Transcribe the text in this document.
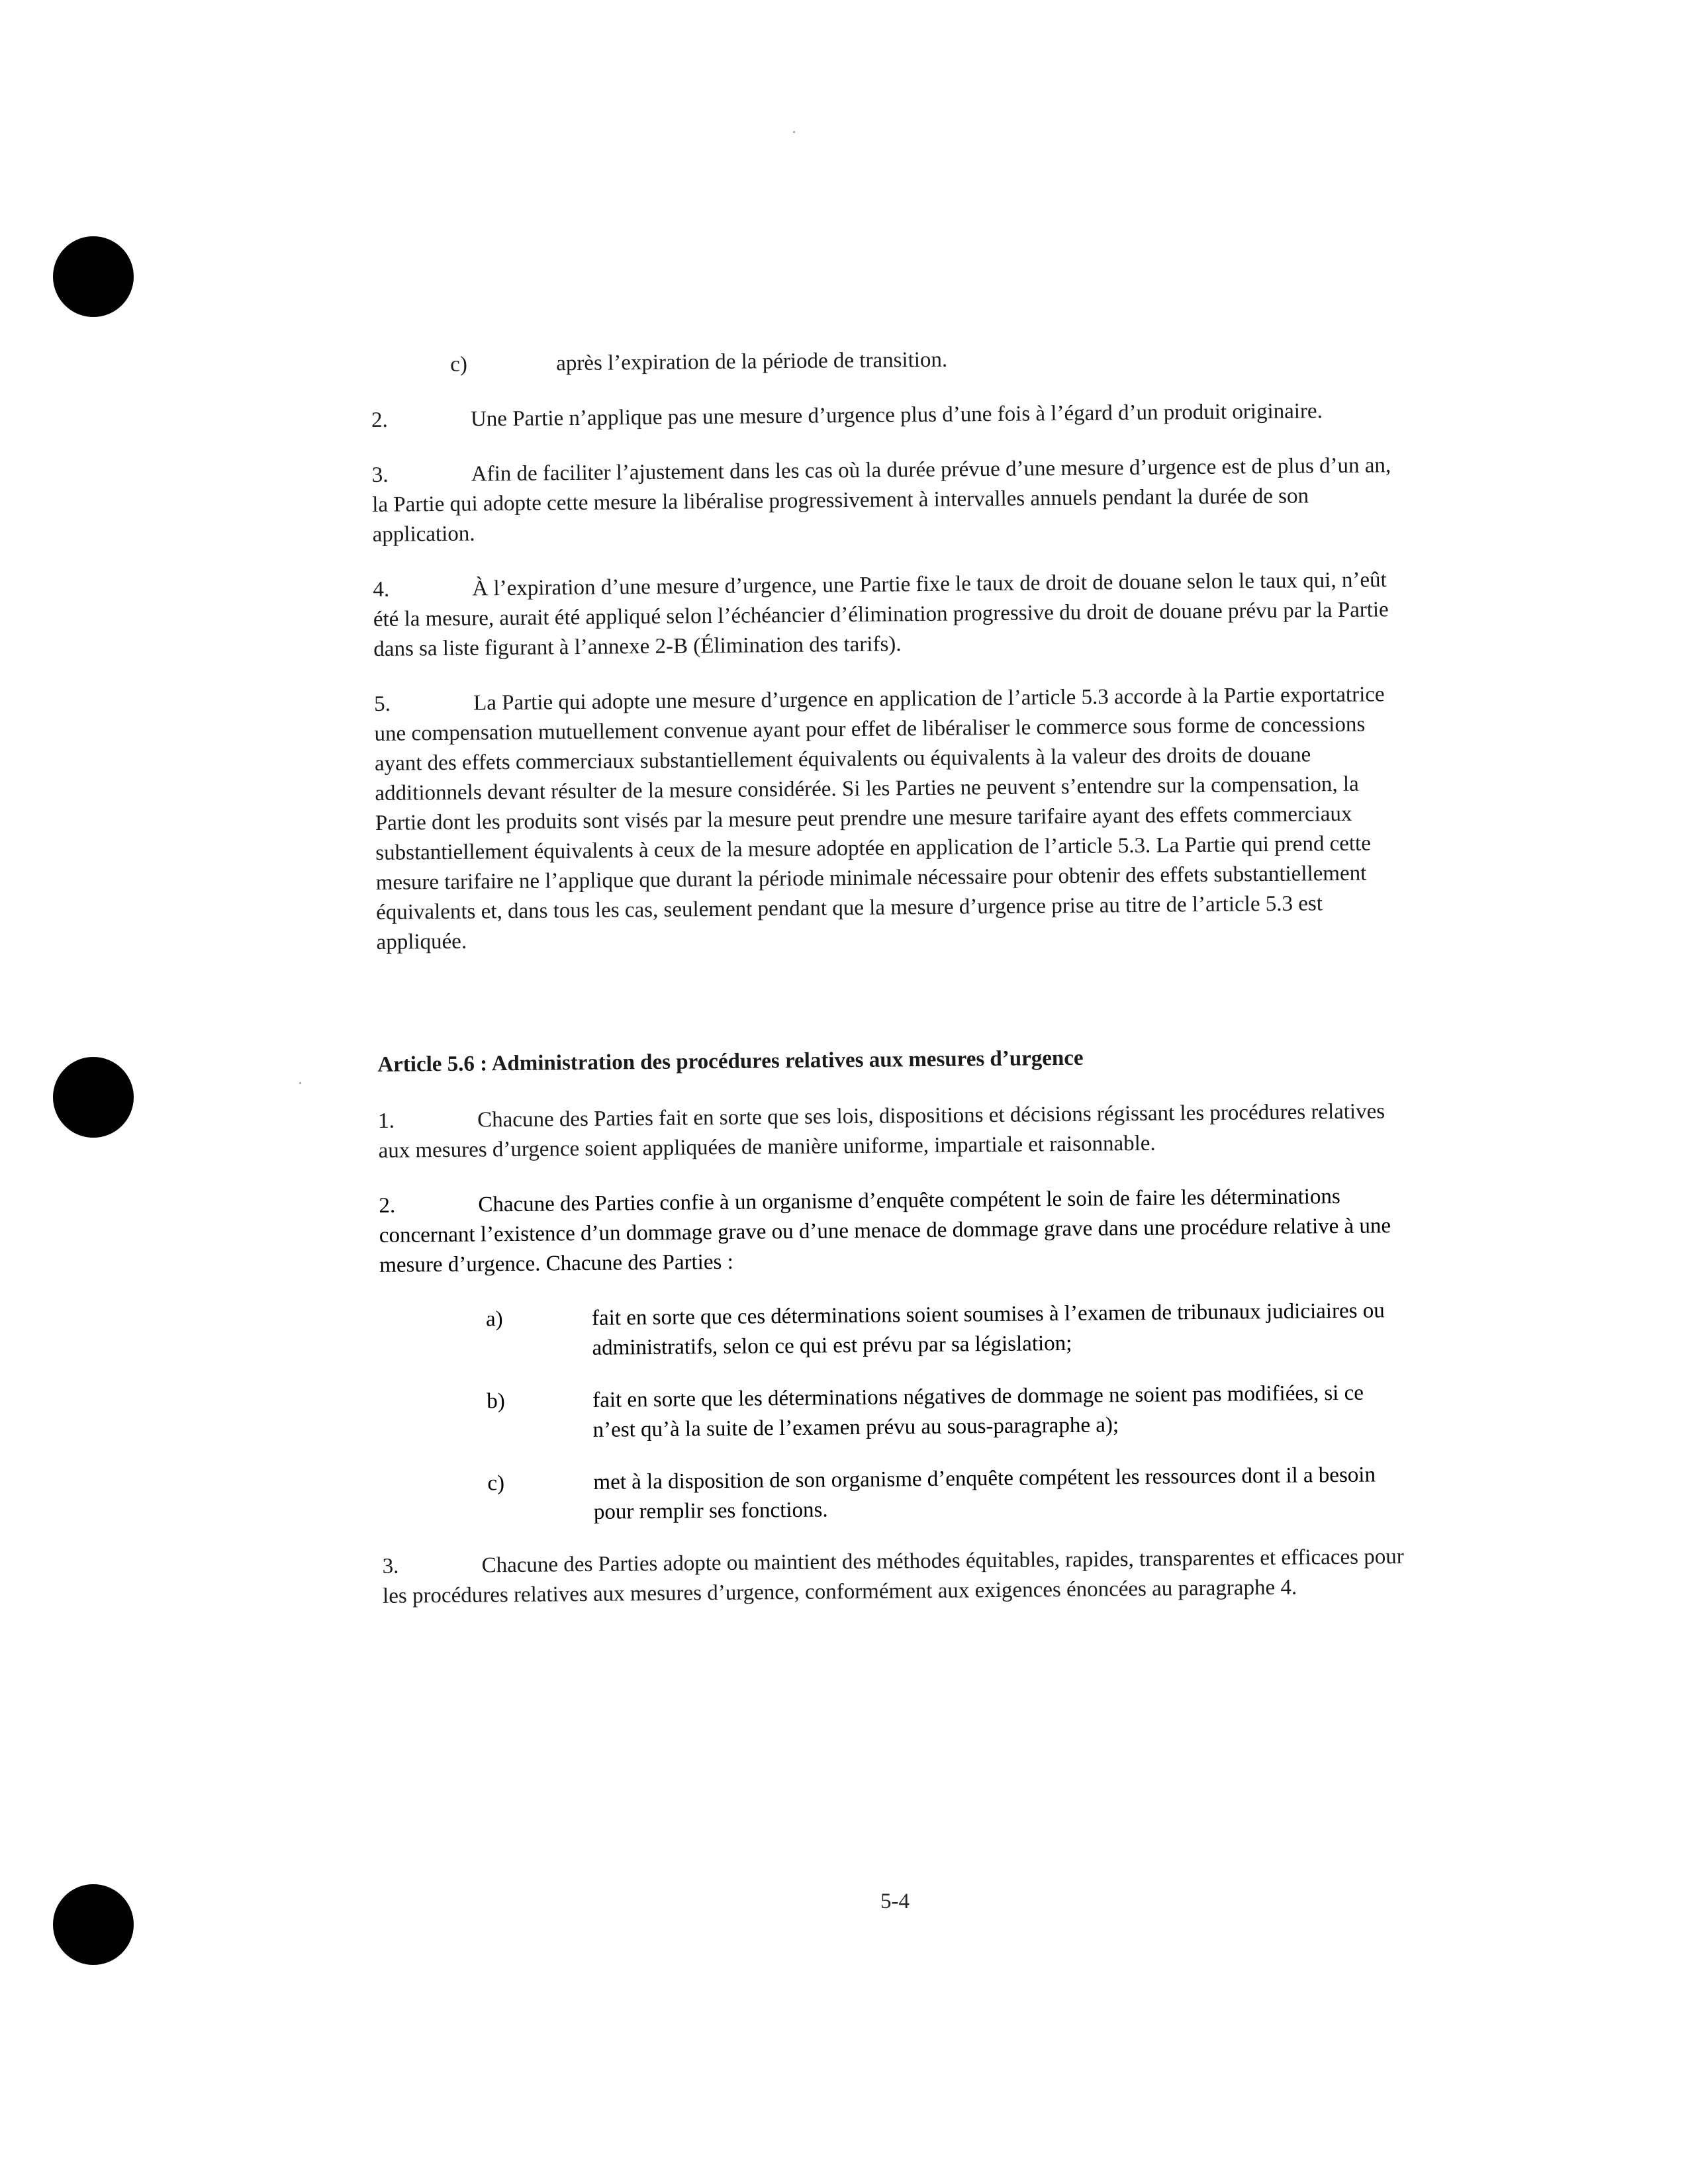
c)	après l’expiration de la période de transition.

2.	Une Partie n’applique pas une mesure d’urgence plus d’une fois à l’égard d’un produit originaire.

3.	Afin de faciliter l’ajustement dans les cas où la durée prévue d’une mesure d’urgence est de plus d’un an, la Partie qui adopte cette mesure la libéralise progressivement à intervalles annuels pendant la durée de son application.

4.	À l’expiration d’une mesure d’urgence, une Partie fixe le taux de droit de douane selon le taux qui, n’eût été la mesure, aurait été appliqué selon l’échéancier d’élimination progressive du droit de douane prévu par la Partie dans sa liste figurant à l’annexe 2-B (Élimination des tarifs).

5.	La Partie qui adopte une mesure d’urgence en application de l’article 5.3 accorde à la Partie exportatrice une compensation mutuellement convenue ayant pour effet de libéraliser le commerce sous forme de concessions ayant des effets commerciaux substantiellement équivalents ou équivalents à la valeur des droits de douane additionnels devant résulter de la mesure considérée. Si les Parties ne peuvent s’entendre sur la compensation, la Partie dont les produits sont visés par la mesure peut prendre une mesure tarifaire ayant des effets commerciaux substantiellement équivalents à ceux de la mesure adoptée en application de l’article 5.3. La Partie qui prend cette mesure tarifaire ne l’applique que durant la période minimale nécessaire pour obtenir des effets substantiellement équivalents et, dans tous les cas, seulement pendant que la mesure d’urgence prise au titre de l’article 5.3 est appliquée.

Article 5.6 : Administration des procédures relatives aux mesures d’urgence

1.	Chacune des Parties fait en sorte que ses lois, dispositions et décisions régissant les procédures relatives aux mesures d’urgence soient appliquées de manière uniforme, impartiale et raisonnable.

2.	Chacune des Parties confie à un organisme d’enquête compétent le soin de faire les déterminations concernant l’existence d’un dommage grave ou d’une menace de dommage grave dans une procédure relative à une mesure d’urgence. Chacune des Parties :

a)	fait en sorte que ces déterminations soient soumises à l’examen de tribunaux judiciaires ou administratifs, selon ce qui est prévu par sa législation;
b)	fait en sorte que les déterminations négatives de dommage ne soient pas modifiées, si ce n’est qu’à la suite de l’examen prévu au sous-paragraphe a);
c)	met à la disposition de son organisme d’enquête compétent les ressources dont il a besoin pour remplir ses fonctions.

3.	Chacune des Parties adopte ou maintient des méthodes équitables, rapides, transparentes et efficaces pour les procédures relatives aux mesures d’urgence, conformément aux exigences énoncées au paragraphe 4.

5-4
